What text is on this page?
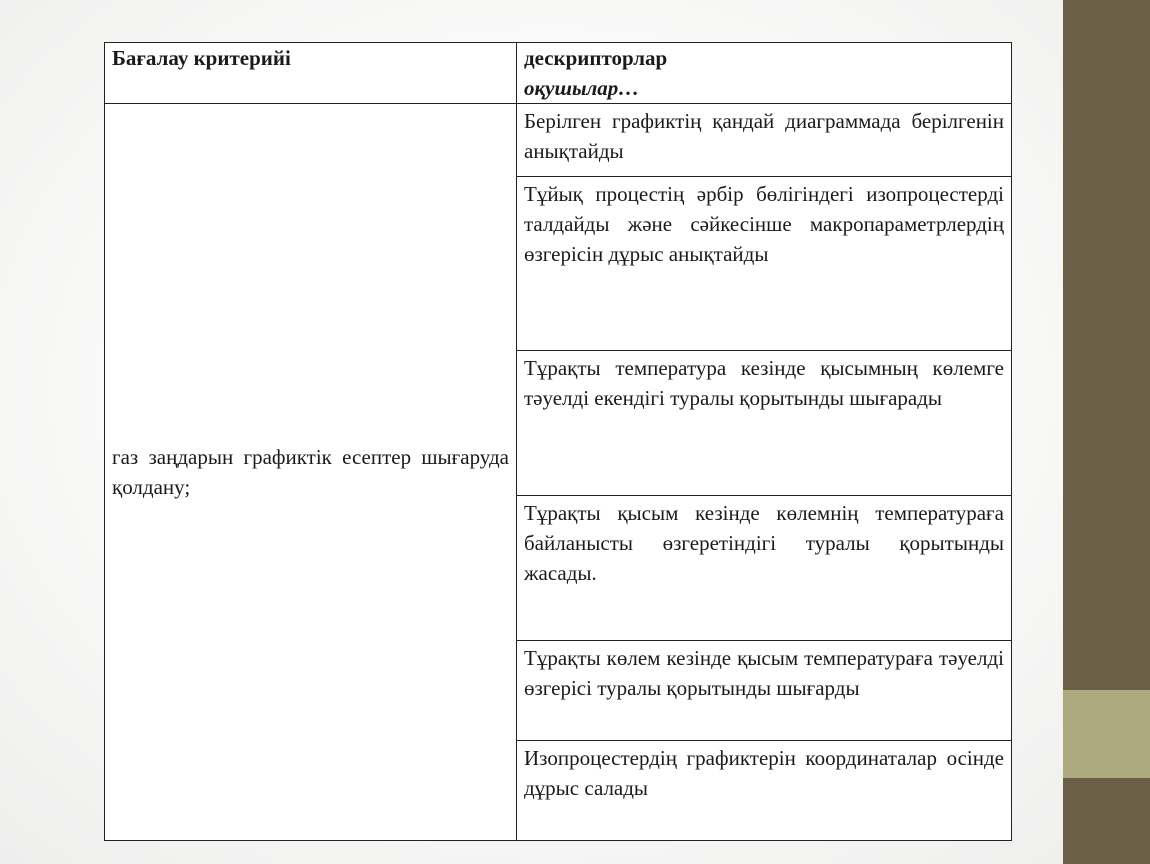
Бағалау критерийі	дескрипторлар
оқушылар…

газ заңдарын графиктік есептер шығаруда қолдану;	Берілген графиктің қандай диаграммада берілгенін анықтайды
	Тұйық процестің әрбір бөлігіндегі изопроцестерді талдайды және сәйкесінше макропараметрлердің өзгерісін дұрыс анықтайды
	Тұрақты температура кезінде қысымның көлемге тәуелді екендігі туралы қорытынды шығарады
	Тұрақты қысым кезінде көлемнің температураға байланысты өзгеретіндігі туралы қорытынды жасады.
	Тұрақты көлем кезінде қысым температураға тәуелді өзгерісі туралы қорытынды шығарды
	Изопроцестердің графиктерін координаталар осінде дұрыс салады
